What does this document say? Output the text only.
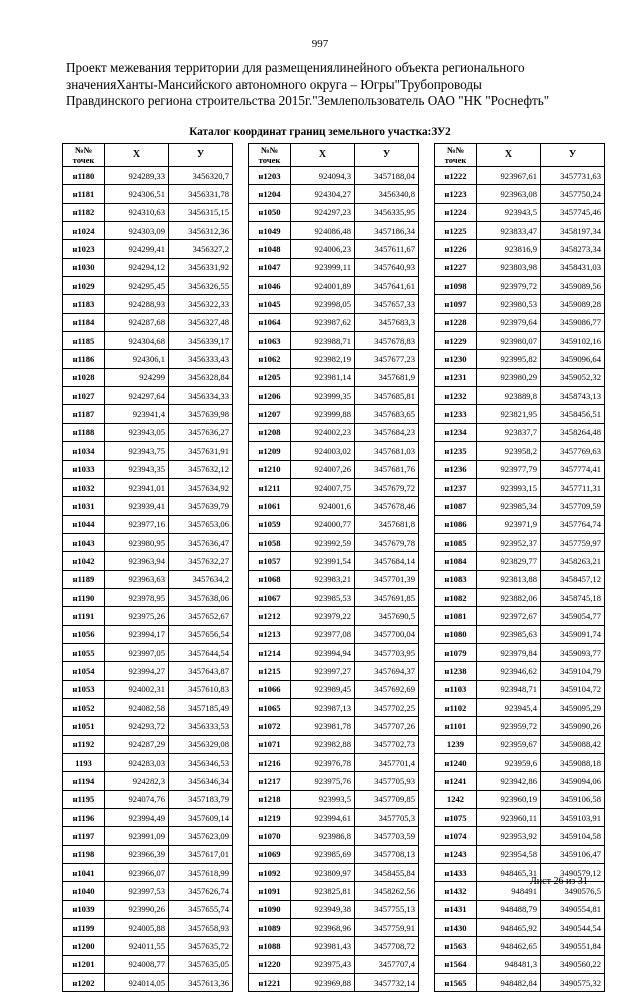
997
Проект межевания территории для размещениялинейного объекта регионального
значенияХанты-Мансийского автономного округа – Югры"Трубопроводы
Правдинского региона строительства 2015г."Землепользователь ОАО "НК "Роснефть"
Каталог координат границ земельного участка:ЗУ2
№№
точек	X	У
н1180	924289,33	3456320,7
н1181	924306,51	3456331,78
н1182	924310,63	3456315,15
н1024	924303,09	3456312,36
н1023	924299,41	3456327,2
н1030	924294,12	3456331,92
н1029	924295,45	3456326,55
н1183	924288,93	3456322,33
н1184	924287,68	3456327,48
н1185	924304,68	3456339,17
н1186	924306,1	3456333,43
н1028	924299	3456328,84
н1027	924297,64	3456334,33
н1187	923941,4	3457639,98
н1188	923943,05	3457636,27
н1034	923943,75	3457631,91
н1033	923943,35	3457632,12
н1032	923941,01	3457634,92
н1031	923939,41	3457639,79
н1044	923977,16	3457653,06
н1043	923980,95	3457636,47
н1042	923963,94	3457632,27
н1189	923963,63	3457634,2
н1190	923978,95	3457638,06
н1191	923975,26	3457652,67
н1056	923994,17	3457656,54
н1055	923997,05	3457644,54
н1054	923994,27	3457643,87
н1053	924002,31	3457610,83
н1052	924082,58	3457185,49
н1051	924293,72	3456333,53
н1192	924287,29	3456329,08
1193	924283,03	3456346,53
н1194	924282,3	3456346,34
н1195	924074,76	3457183,79
н1196	923994,49	3457609,14
н1197	923991,09	3457623,09
н1198	923966,39	3457617,01
н1041	923966,07	3457618,99
н1040	923997,53	3457626,74
н1039	923990,26	3457655,74
н1199	924005,88	3457658,93
н1200	924011,55	3457635,72
н1201	924008,77	3457635,05
н1202	924014,05	3457613,36
№№
точек	X	У
н1203	924094,3	3457188,04
н1204	924304,27	3456340,8
н1050	924297,23	3456335,95
н1049	924086,48	3457186,34
н1048	924006,23	3457611,67
н1047	923999,11	3457640,93
н1046	924001,89	3457641,61
н1045	923998,05	3457657,33
н1064	923987,62	3457683,3
н1063	923988,71	3457678,83
н1062	923982,19	3457677,23
н1205	923981,14	3457681,9
н1206	923999,35	3457685,81
н1207	923999,88	3457683,65
н1208	924002,23	3457684,23
н1209	924003,02	3457681,03
н1210	924007,26	3457681,76
н1211	924007,75	3457679,72
н1061	924001,6	3457678,46
н1059	924000,77	3457681,8
н1058	923992,59	3457679,78
н1057	923991,54	3457684,14
н1068	923983,21	3457701,39
н1067	923985,53	3457691,85
н1212	923979,22	3457690,5
н1213	923977,08	3457700,04
н1214	923994,94	3457703,95
н1215	923997,27	3457694,37
н1066	923989,45	3457692,69
н1065	923987,13	3457702,25
н1072	923981,78	3457707,26
н1071	923982,88	3457702,73
н1216	923976,78	3457701,4
н1217	923975,76	3457705,93
н1218	923993,5	3457709,85
н1219	923994,61	3457705,3
н1070	923986,8	3457703,59
н1069	923985,69	3457708,13
н1092	923809,97	3458455,84
н1091	923825,81	3458262,56
н1090	923949,38	3457755,13
н1089	923968,96	3457759,91
н1088	923981,43	3457708,72
н1220	923975,43	3457707,4
н1221	923969,88	3457732,14
№№
точек	X	У
н1222	923967,61	3457731,63
н1223	923963,08	3457750,24
н1224	923943,5	3457745,46
н1225	923833,47	3458197,34
н1226	923816,9	3458273,34
н1227	923803,98	3458431,03
н1098	923979,72	3459089,56
н1097	923980,53	3459089,28
н1228	923979,64	3459086,77
н1229	923980,07	3459102,16
н1230	923995,82	3459096,64
н1231	923980,29	3459052,32
н1232	923889,8	3458743,13
н1233	923821,95	3458456,51
н1234	923837,7	3458264,48
н1235	923958,2	3457769,63
н1236	923977,79	3457774,41
н1237	923993,15	3457711,31
н1087	923985,34	3457709,59
н1086	923971,9	3457764,74
н1085	923952,37	3457759,97
н1084	923829,77	3458263,21
н1083	923813,88	3458457,12
н1082	923882,06	3458745,18
н1081	923972,67	3459054,77
н1080	923985,63	3459091,74
н1079	923979,84	3459093,77
н1238	923946,62	3459104,79
н1103	923948,71	3459104,72
н1102	923945,4	3459095,29
н1101	923959,72	3459090,26
1239	923959,67	3459088,42
н1240	923959,6	3459088,18
н1241	923942,86	3459094,06
1242	923960,19	3459106,58
н1075	923960,11	3459103,91
н1074	923953,92	3459104,58
н1243	923954,58	3459106,47
н1433	948465,31	3490579,12
н1432	948491	3490576,5
н1431	948488,79	3490554,81
н1430	948465,92	3490544,54
н1563	948462,65	3490551,84
н1564	948481,3	3490560,22
н1565	948482,84	3490575,32
Лист 26 из 31
